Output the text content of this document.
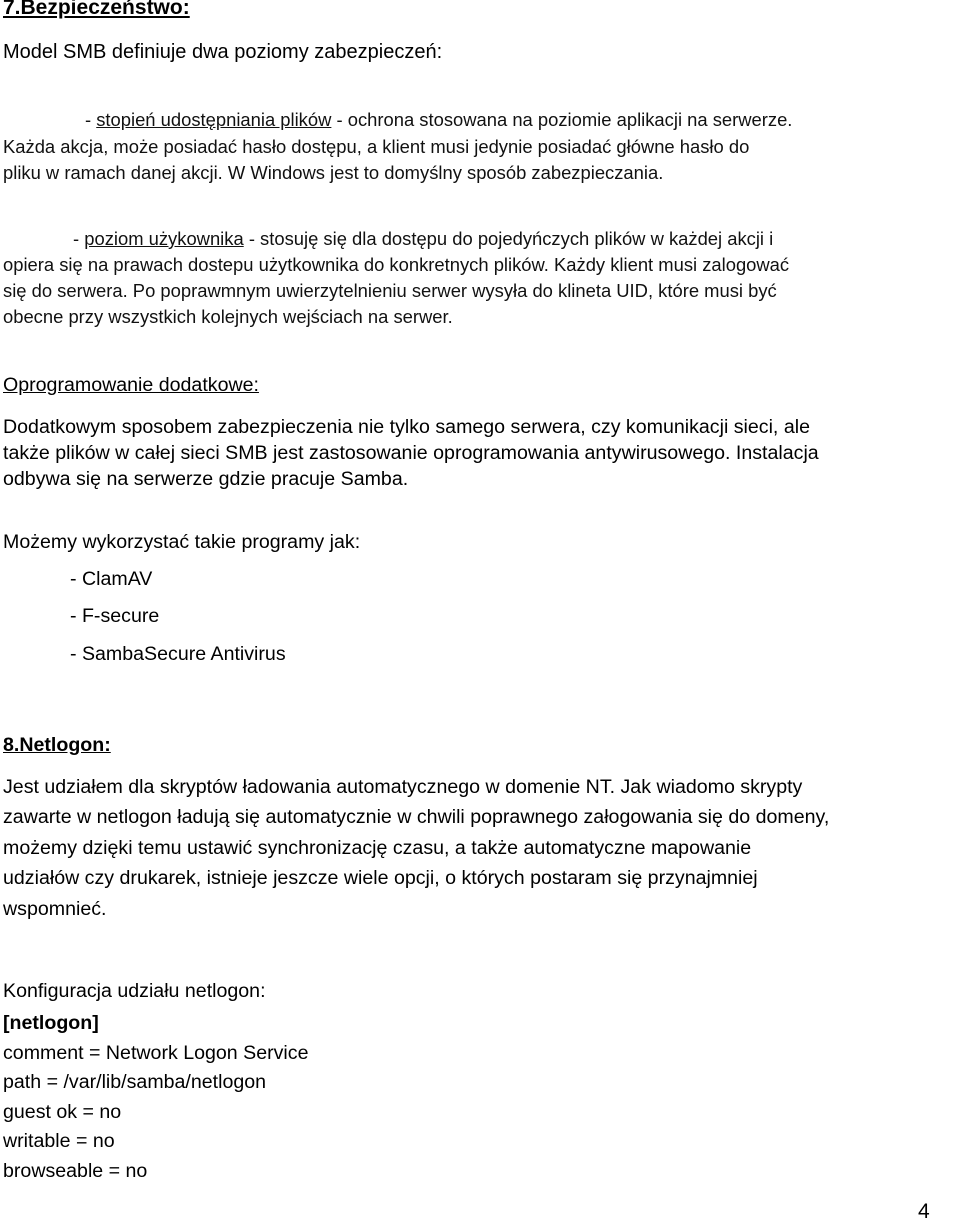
7.Bezpieczeństwo:
Model SMB definiuje dwa poziomy zabezpieczeń:
- stopień udostępniania plików - ochrona stosowana na poziomie aplikacji na serwerze.
Każda akcja, może posiadać hasło dostępu, a klient musi jedynie posiadać główne hasło do
pliku w ramach danej akcji. W Windows jest to domyślny sposób zabezpieczania.
- poziom użykownika - stosuję się dla dostępu do pojedyńczych plików w każdej akcji i
opiera się na prawach dostepu użytkownika do konkretnych plików. Każdy klient musi zalogować
się do serwera. Po poprawmnym uwierzytelnieniu serwer wysyła do klineta UID, które musi być
obecne przy wszystkich kolejnych wejściach na serwer.
Oprogramowanie dodatkowe:
Dodatkowym sposobem zabezpieczenia nie tylko samego serwera, czy komunikacji sieci, ale
także plików w całej sieci SMB jest zastosowanie oprogramowania antywirusowego. Instalacja
odbywa się na serwerze gdzie pracuje Samba.
Możemy wykorzystać takie programy jak:
- ClamAV
- F-secure
- SambaSecure Antivirus
8.Netlogon:
Jest udziałem dla skryptów ładowania automatycznego w domenie NT. Jak wiadomo skrypty
zawarte w netlogon ładują się automatycznie w chwili poprawnego załogowania się do domeny,
możemy dzięki temu ustawić synchronizację czasu, a także automatyczne mapowanie
udziałów czy drukarek, istnieje jeszcze wiele opcji, o których postaram się przynajmniej
wspomnieć.
Konfiguracja udziału netlogon:
[netlogon]
comment = Network Logon Service
path = /var/lib/samba/netlogon
guest ok = no
writable = no
browseable = no
4
